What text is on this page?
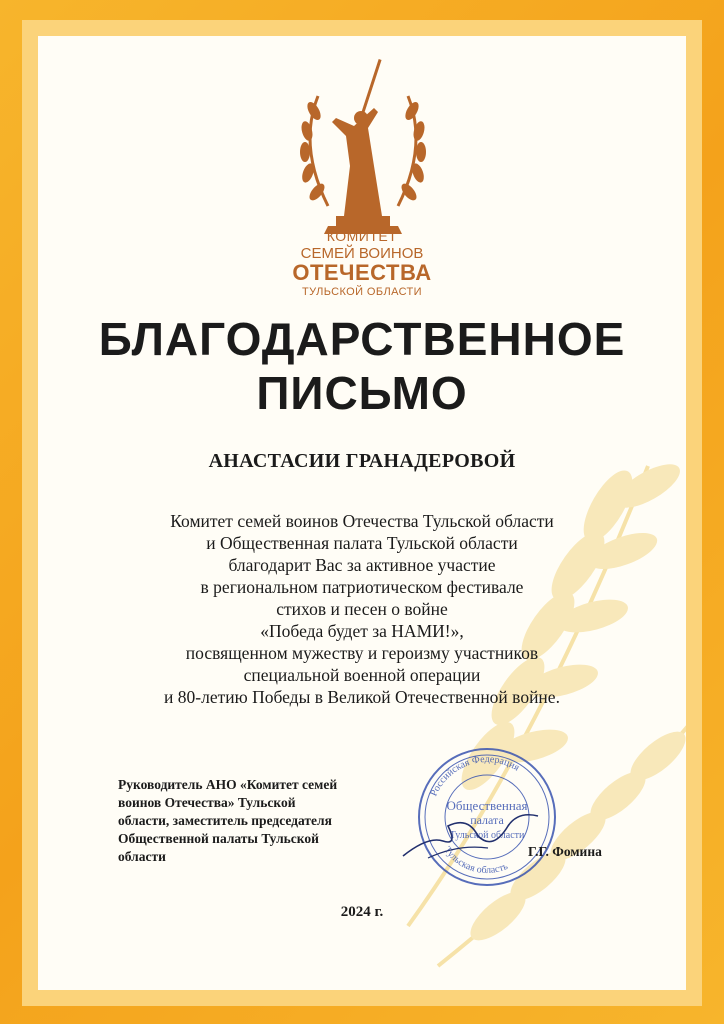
КОМИТЕТ
СЕМЕЙ ВОИНОВ
ОТЕЧЕСТВА
ТУЛЬСКОЙ ОБЛАСТИ
БЛАГОДАРСТВЕННОЕ
ПИСЬМО
АНАСТАСИИ ГРАНАДЕРОВОЙ
Комитет семей воинов Отечества Тульской области
и Общественная палата Тульской области
благодарит Вас за активное участие
в региональном патриотическом фестивале
стихов и песен о войне
«Победа будет за НАМИ!»,
посвященном мужеству и героизму участников
специальной военной операции
и 80-летию Победы в Великой Отечественной войне.
Руководитель АНО «Комитет семей
воинов Отечества» Тульской
области, заместитель председателя
Общественной палаты Тульской
области
Российская Федерация
Тульская область
Общественная
палата
Тульской области
Г.Г. Фомина
2024 г.
